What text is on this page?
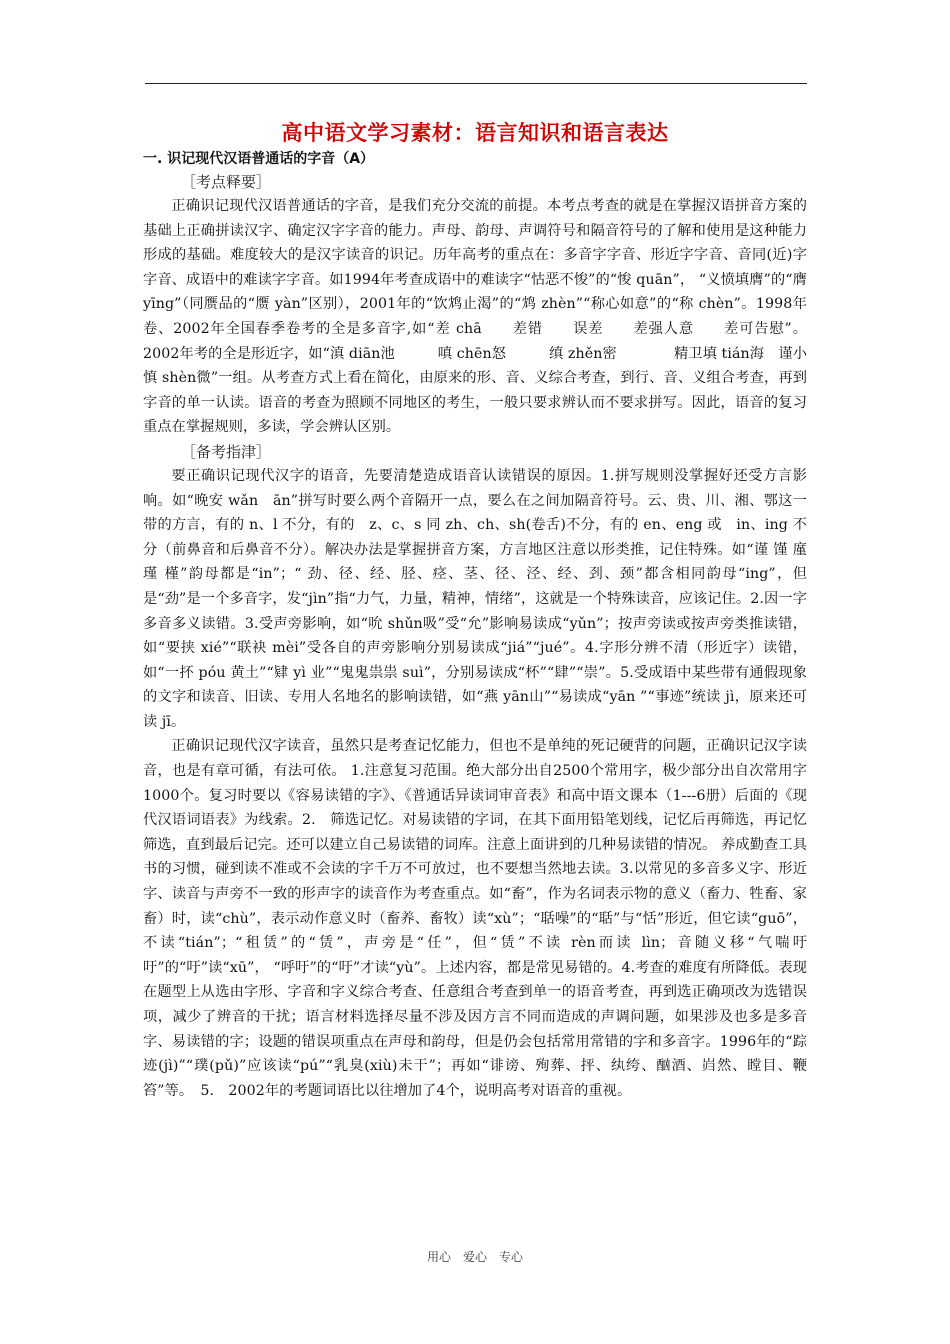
高中语文学习素材：语言知识和语言表达

一. 识记现代汉语普通话的字音（A）

［考点释要］

正确识记现代汉语普通话的字音，是我们充分交流的前提。本考点考查的就是在掌握汉语拼音方案的基础上正确拼读汉字、确定汉字字音的能力。声母、韵母、声调符号和隔音符号的了解和使用是这种能力形成的基础。难度较大的是汉字读音的识记。历年高考的重点在：多音字字音、形近字字音、音同(近)字字音、成语中的难读字字音。如1994年考查成语中的难读字“怙恶不悛”的“悛 quān”， “义愤填膺”的“膺 yīng”（同赝品的“赝 yàn”区别），2001年的“饮鸩止渴”的“鸩 zhèn”“称心如意”的“称 chèn”。1998年卷、2002年全国春季卷考的全是多音字,如“差 chā　　差错　　误差　　差强人意　　差可告慰”。2002年考的全是形近字，如“滇 diān池　　　嗔 chēn怒　　　缜 zhěn密　　　　精卫填 tián海　谨小慎 shèn微”一组。从考查方式上看在简化，由原来的形、音、义综合考查，到行、音、义组合考查，再到字音的单一认读。语音的考查为照顾不同地区的考生，一般只要求辨认而不要求拼写。因此，语音的复习重点在掌握规则，多读，学会辨认区别。

［备考指津］

要正确识记现代汉字的语音，先要清楚造成语音认读错误的原因。1.拼写规则没掌握好还受方言影响。如“晚安 wǎn　ān”拼写时要么两个音隔开一点，要么在之间加隔音符号。云、贵、川、湘、鄂这一带的方言，有的 n、l 不分，有的　z、c、s 同 zh、ch、sh(卷舌)不分，有的 en、eng 或　in、ing 不分（前鼻音和后鼻音不分）。解决办法是掌握拼音方案，方言地区注意以形类推，记住特殊。如“谨 馑 廑 瑾 槿”韵母都是“in”；“ 劲、径、经、胫、痉、茎、径、泾、经、刭、颈”都含相同韵母“ing”，但是“劲”是一个多音字，发“jìn”指“力气，力量，精神，情绪”，这就是一个特殊读音，应该记住。2.因一字多音多义读错。3.受声旁影响，如“吮 shǔn吸”受“允”影响易读成“yǔn”；按声旁读或按声旁类推读错，如“要挟 xié”“联袂 mèi”受各自的声旁影响分别易读成“jiá”“jué”。4.字形分辨不清（形近字）读错，如“一抔 póu 黄土”“肄 yì 业”“鬼鬼祟祟 suì”，分别易读成“杯”“肆”“崇”。5.受成语中某些带有通假现象的文字和读音、旧读、专用人名地名的影响读错，如“燕 yān山”“易读成“yān ”“事迹”统读 jì，原来还可读 jī。

正确识记现代汉字读音，虽然只是考查记忆能力，但也不是单纯的死记硬背的问题，正确识记汉字读音，也是有章可循，有法可依。 1.注意复习范围。绝大部分出自2500个常用字，极少部分出自次常用字1000个。复习时要以《容易读错的字》、《普通话异读词审音表》和高中语文课本（1---6册）后面的《现代汉语词语表》为线索。2.　筛选记忆。对易读错的字词，在其下面用铅笔划线，记忆后再筛选，再记忆筛选，直到最后记完。还可以建立自己易读错的词库。注意上面讲到的几种易读错的情况。 养成勤查工具书的习惯，碰到读不准或不会读的字千万不可放过，也不要想当然地去读。3.以常见的多音多义字、形近字、读音与声旁不一致的形声字的读音作为考查重点。如“畜”，作为名词表示物的意义（畜力、牲畜、家畜）时，读“chù”，表示动作意义时（畜养、畜牧）读“xù”；“聒噪”的“聒”与“恬”形近，但它读“guō”，不读“tián”；“租赁”的“赁”，声旁是“任”，但“赁”不读 rèn而读 lìn；音随义移“气喘吁吁”的“吁”读“xū”， “呼吁”的“吁”才读“yù”。上述内容，都是常见易错的。4.考查的难度有所降低。表现在题型上从选由字形、字音和字义综合考查、任意组合考查到单一的语音考查，再到选正确项改为选错误项，减少了辨音的干扰；语言材料选择尽量不涉及因方言不同而造成的声调问题，如果涉及也多是多音字、易读错的字；设题的错误项重点在声母和韵母，但是仍会包括常用常错的字和多音字。1996年的“踪迹(jì)”“璞(pǔ)”应该读“pú”“乳臭(xiù)未干”；再如“诽谤、殉葬、抨、纨绔、酗酒、岿然、瞠目、鞭笞”等。　5.　2002年的考题词语比以往增加了4个，说明高考对语音的重视。

用心　爱心　专心
